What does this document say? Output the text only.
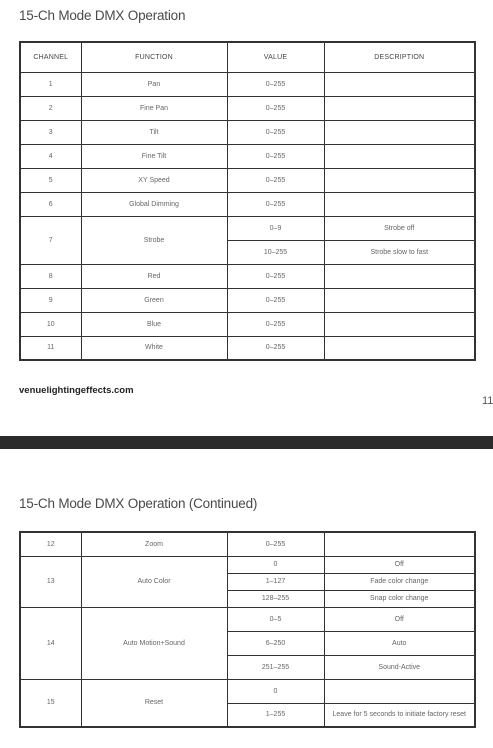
15-Ch Mode DMX Operation
CHANNEL	FUNCTION	VALUE	DESCRIPTION
1	Pan	0–255	
2	Fine Pan	0–255	
3	Tilt	0–255	
4	Fine Tilt	0–255	
5	XY Speed	0–255	
6	Global Dimming	0–255	
7	Strobe	0–9	Strobe off
		10–255	Strobe slow to fast
8	Red	0–255	
9	Green	0–255	
10	Blue	0–255	
11	White	0–255	
venuelightingeffects.com
11
15-Ch Mode DMX Operation (Continued)
12	Zoom	0–255	
13	Auto Color	0	Off
		1–127	Fade color change
		128–255	Snap color change
14	Auto Motion+Sound	0–5	Off
		6–250	Auto
		251–255	Sound-Active
15	Reset	0	
		1–255	Leave for 5 seconds to initiate factory reset
